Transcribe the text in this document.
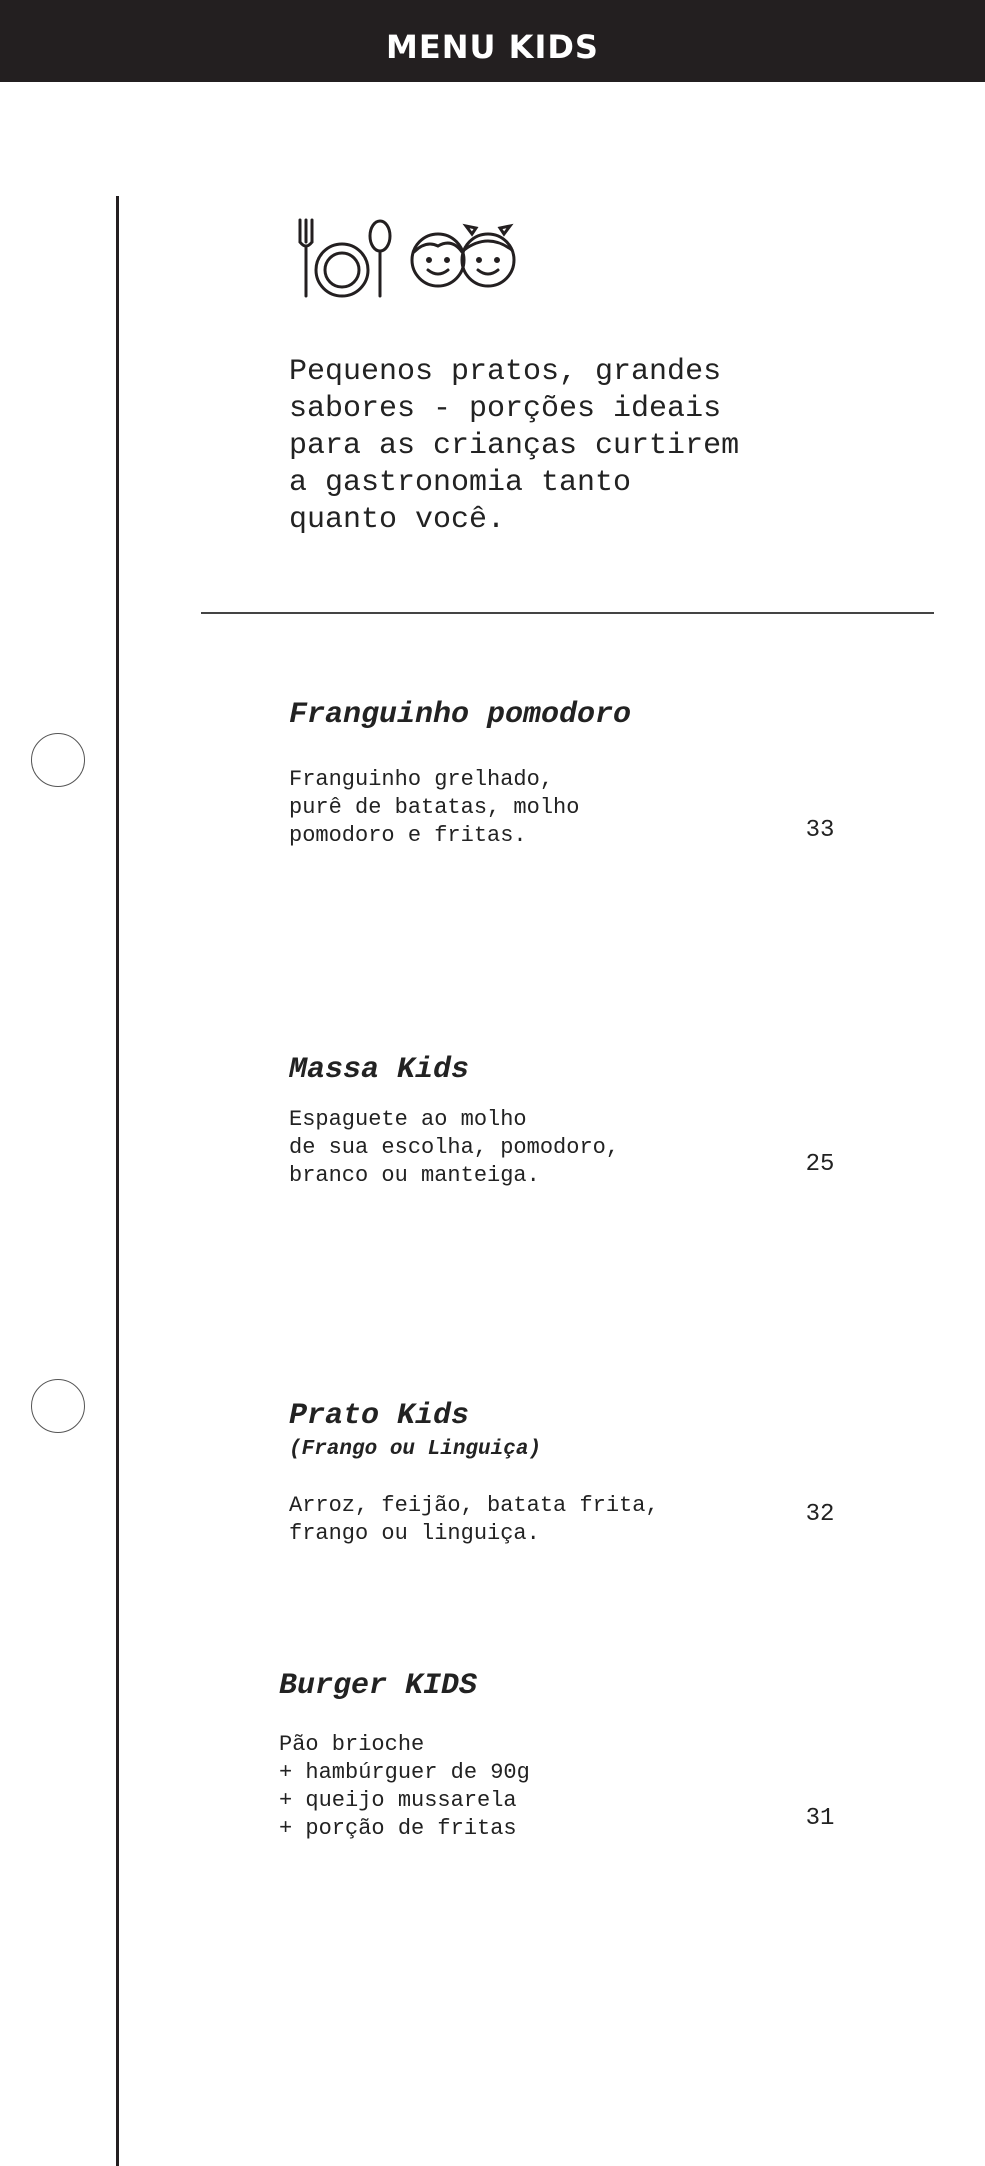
MENU KIDS
Pequenos pratos, grandes
sabores - porções ideais
para as crianças curtirem
a gastronomia tanto
quanto você.
Franguinho pomodoro
Franguinho grelhado,
purê de batatas, molho
pomodoro e fritas.	33
Massa Kids
Espaguete ao molho
de sua escolha, pomodoro,
branco ou manteiga.	25
Prato Kids
(Frango ou Linguiça)
Arroz, feijão, batata frita,
frango ou linguiça.
32
Burger KIDS
Pão brioche
+ hambúrguer de 90g
+ queijo mussarela
+ porção de fritas	31
